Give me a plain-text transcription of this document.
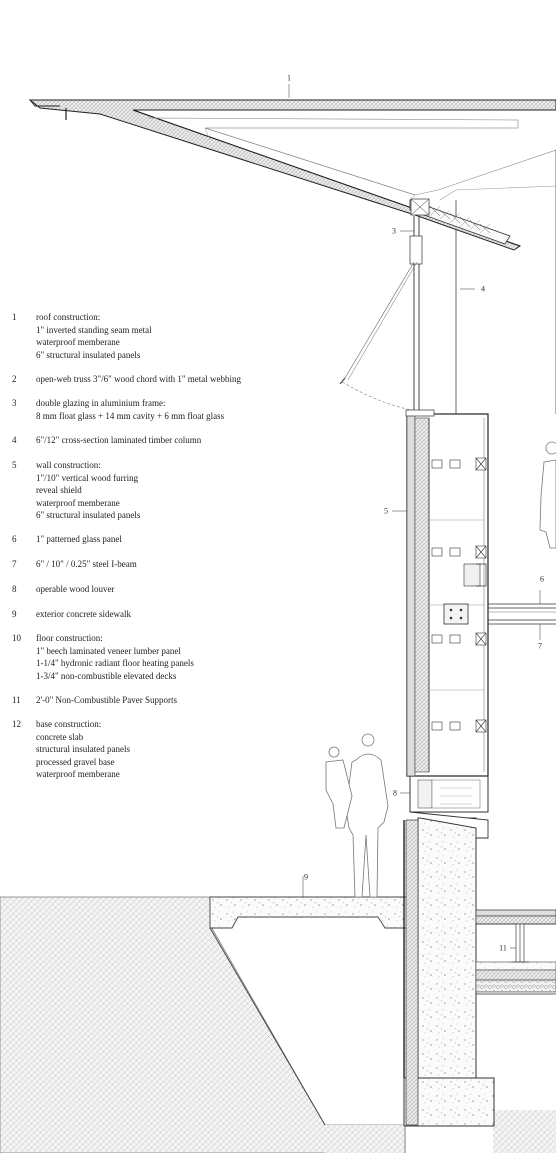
1
3
4
5
6
7
8
9
11
1	roof construction:
1" inverted standing seam metal
waterproof memberane
6" structural insulated panels
2	open-web truss 3"/6" wood chord with 1" metal webbing
3	double glazing in aluminium frame:
8 mm float glass + 14 mm cavity + 6 mm float glass
4	6"/12" cross-section laminated timber column
5	wall construction:
1"/10" vertical wood furring
reveal shield
waterproof memberane
6" structural insulated panels
6	1" patterned glass panel
7	6" / 10" / 0.25" steel I-beam
8	operable wood louver
9	exterior concrete sidewalk
10	floor construction:
1" beech laminated veneer lumber panel
1-1/4" hydronic radiant floor heating panels
1-3/4" non-combustible elevated decks
11	2'-0" Non-Combustible Paver Supports
12	base construction:
concrete slab
structural insulated panels
processed gravel base
waterproof memberane
